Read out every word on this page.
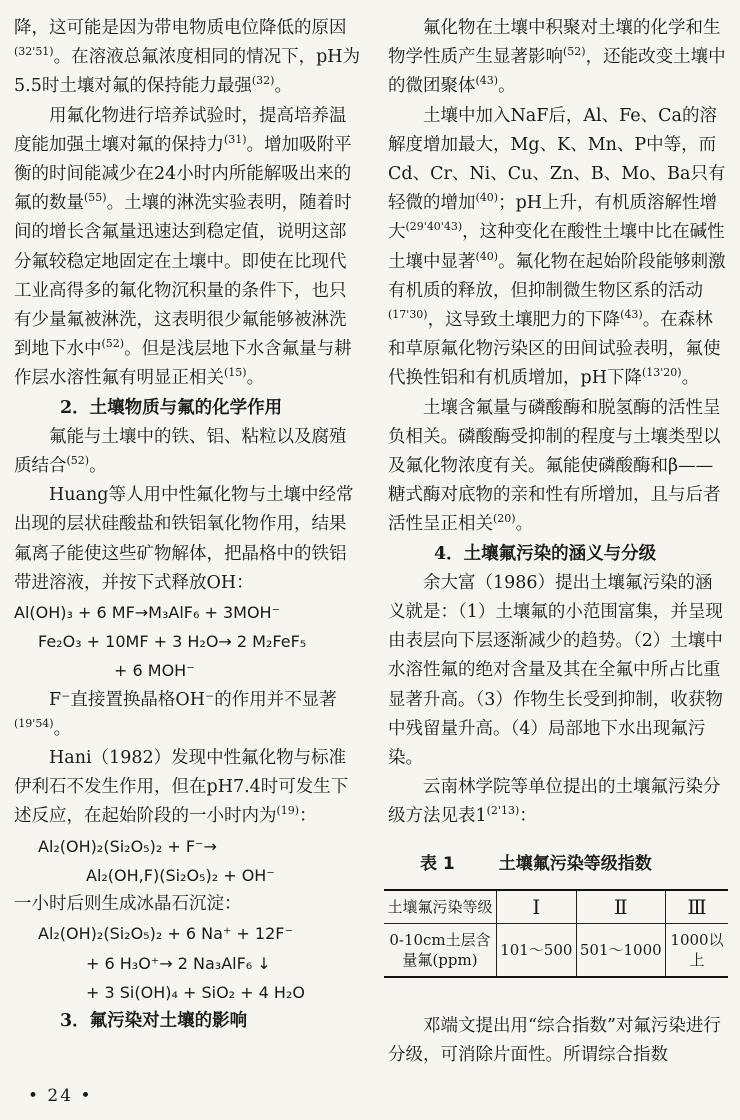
降，这可能是因为带电物质电位降低的原因$^{(32'51)}$。在溶液总氟浓度相同的情况下，pH为5.5时土壤对氟的保持能力最强$^{(32)}$。

用氟化物进行培养试验时，提高培养温度能加强土壤对氟的保持力$^{(31)}$。增加吸附平衡的时间能减少在24小时内所能解吸出来的氟的数量$^{(55)}$。土壤的淋洗实验表明，随着时间的增长含氟量迅速达到稳定值，说明这部分氟较稳定地固定在土壤中。即使在比现代工业高得多的氟化物沉积量的条件下，也只有少量氟被淋洗，这表明很少氟能够被淋洗到地下水中$^{(52)}$。但是浅层地下水含氟量与耕作层水溶性氟有明显正相关$^{(15)}$。

2．土壤物质与氟的化学作用

氟能与土壤中的铁、铝、粘粒以及腐殖质结合$^{(52)}$。

Huang等人用中性氟化物与土壤中经常出现的层状硅酸盐和铁铝氧化物作用，结果氟离子能使这些矿物解体，把晶格中的铁铝带进溶液，并按下式释放OH：

Al(OH)₃ + 6 MF→M₃AlF₆ + 3MOH⁻

Fe₂O₃ + 10MF + 3 H₂O→ 2 M₂FeF₅

+ 6 MOH⁻

F⁻直接置换晶格OH⁻的作用并不显著$^{(19'54)}$。

Hani（1982）发现中性氟化物与标准伊利石不发生作用，但在pH7.4时可发生下述反应，在起始阶段的一小时内为$^{(19)}$：

Al₂(OH)₂(Si₂O₅)₂ + F⁻→

Al₂(OH,F)(Si₂O₅)₂ + OH⁻

一小时后则生成冰晶石沉淀：

Al₂(OH)₂(Si₂O₅)₂ + 6 Na⁺ + 12F⁻

+ 6 H₃O⁺→ 2 Na₃AlF₆ ↓

+ 3 Si(OH)₄ + SiO₂ + 4 H₂O

3．氟污染对土壤的影响

氟化物在土壤中积聚对土壤的化学和生物学性质产生显著影响$^{(52)}$，还能改变土壤中的微团聚体$^{(43)}$。

土壤中加入NaF后，Al、Fe、Ca的溶解度增加最大，Mg、K、Mn、P中等，而Cd、Cr、Ni、Cu、Zn、B、Mo、Ba只有轻微的增加$^{(40)}$；pH上升，有机质溶解性增大$^{(29'40'43)}$，这种变化在酸性土壤中比在碱性土壤中显著$^{(40)}$。氟化物在起始阶段能够刺激有机质的释放，但抑制微生物区系的活动$^{(17'30)}$，这导致土壤肥力的下降$^{(43)}$。在森林和草原氟化物污染区的田间试验表明，氟使代换性铝和有机质增加，pH下降$^{(13'20)}$。

土壤含氟量与磷酸酶和脱氢酶的活性呈负相关。磷酸酶受抑制的程度与土壤类型以及氟化物浓度有关。氟能使磷酸酶和β——糖式酶对底物的亲和性有所增加，且与后者活性呈正相关$^{(20)}$。

4．土壤氟污染的涵义与分级

余大富（1986）提出土壤氟污染的涵义就是：（1）土壤氟的小范围富集，并呈现由表层向下层逐渐减少的趋势。（2）土壤中水溶性氟的绝对含量及其在全氟中所占比重显著升高。（3）作物生长受到抑制，收获物中残留量升高。（4）局部地下水出现氟污染。

云南林学院等单位提出的土壤氟污染分级方法见表$1^{(2'13)}$：

表 1	土壤氟污染等级指数

土壤氟污染等级	Ⅰ	Ⅱ	Ⅲ
0-10cm土层含量氟(ppm)	101～500	501～1000	1000以上

邓端文提出用“综合指数”对氟污染进行分级，可消除片面性。所谓综合指数

• 24 •
